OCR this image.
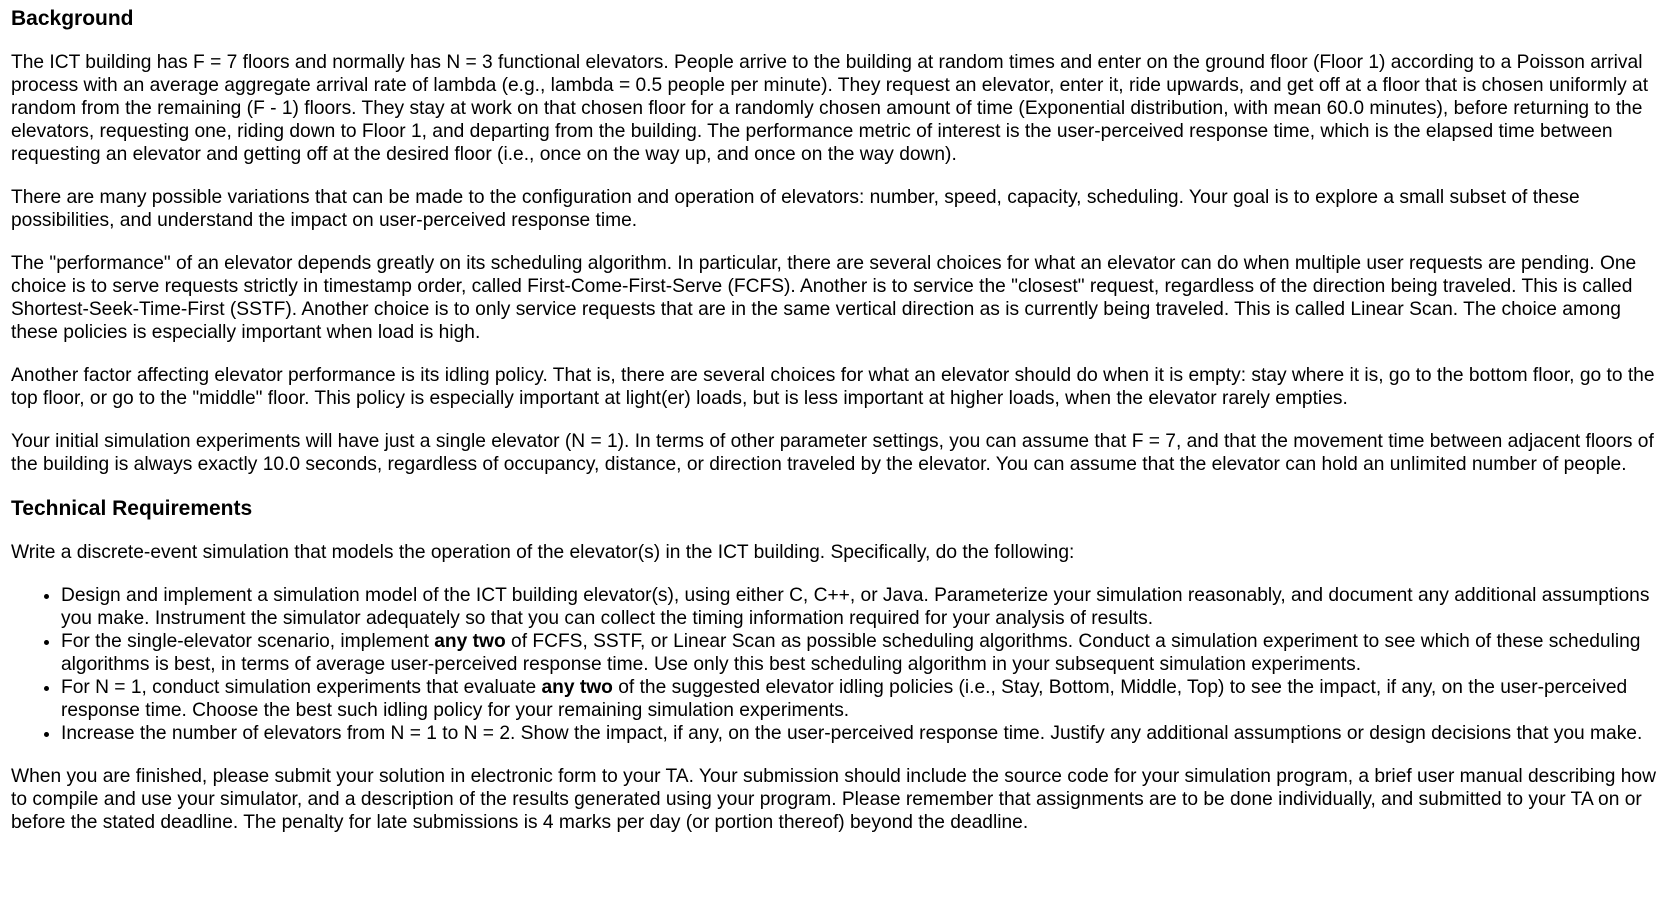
Background

The ICT building has F = 7 floors and normally has N = 3 functional elevators. People arrive to the building at random times and enter on the ground floor (Floor 1) according to a Poisson arrival process with an average aggregate arrival rate of lambda (e.g., lambda = 0.5 people per minute). They request an elevator, enter it, ride upwards, and get off at a floor that is chosen uniformly at random from the remaining (F - 1) floors. They stay at work on that chosen floor for a randomly chosen amount of time (Exponential distribution, with mean 60.0 minutes), before returning to the elevators, requesting one, riding down to Floor 1, and departing from the building. The performance metric of interest is the user-perceived response time, which is the elapsed time between requesting an elevator and getting off at the desired floor (i.e., once on the way up, and once on the way down).

There are many possible variations that can be made to the configuration and operation of elevators: number, speed, capacity, scheduling. Your goal is to explore a small subset of these possibilities, and understand the impact on user-perceived response time.

The "performance" of an elevator depends greatly on its scheduling algorithm. In particular, there are several choices for what an elevator can do when multiple user requests are pending. One choice is to serve requests strictly in timestamp order, called First-Come-First-Serve (FCFS). Another is to service the "closest" request, regardless of the direction being traveled. This is called Shortest-Seek-Time-First (SSTF). Another choice is to only service requests that are in the same vertical direction as is currently being traveled. This is called Linear Scan. The choice among these policies is especially important when load is high.

Another factor affecting elevator performance is its idling policy. That is, there are several choices for what an elevator should do when it is empty: stay where it is, go to the bottom floor, go to the top floor, or go to the "middle" floor. This policy is especially important at light(er) loads, but is less important at higher loads, when the elevator rarely empties.

Your initial simulation experiments will have just a single elevator (N = 1). In terms of other parameter settings, you can assume that F = 7, and that the movement time between adjacent floors of the building is always exactly 10.0 seconds, regardless of occupancy, distance, or direction traveled by the elevator. You can assume that the elevator can hold an unlimited number of people.

Technical Requirements

Write a discrete-event simulation that models the operation of the elevator(s) in the ICT building. Specifically, do the following:

• Design and implement a simulation model of the ICT building elevator(s), using either C, C++, or Java. Parameterize your simulation reasonably, and document any additional assumptions you make. Instrument the simulator adequately so that you can collect the timing information required for your analysis of results.
• For the single-elevator scenario, implement any two of FCFS, SSTF, or Linear Scan as possible scheduling algorithms. Conduct a simulation experiment to see which of these scheduling algorithms is best, in terms of average user-perceived response time. Use only this best scheduling algorithm in your subsequent simulation experiments.
• For N = 1, conduct simulation experiments that evaluate any two of the suggested elevator idling policies (i.e., Stay, Bottom, Middle, Top) to see the impact, if any, on the user-perceived response time. Choose the best such idling policy for your remaining simulation experiments.
• Increase the number of elevators from N = 1 to N = 2. Show the impact, if any, on the user-perceived response time. Justify any additional assumptions or design decisions that you make.

When you are finished, please submit your solution in electronic form to your TA. Your submission should include the source code for your simulation program, a brief user manual describing how to compile and use your simulator, and a description of the results generated using your program. Please remember that assignments are to be done individually, and submitted to your TA on or before the stated deadline. The penalty for late submissions is 4 marks per day (or portion thereof) beyond the deadline.
